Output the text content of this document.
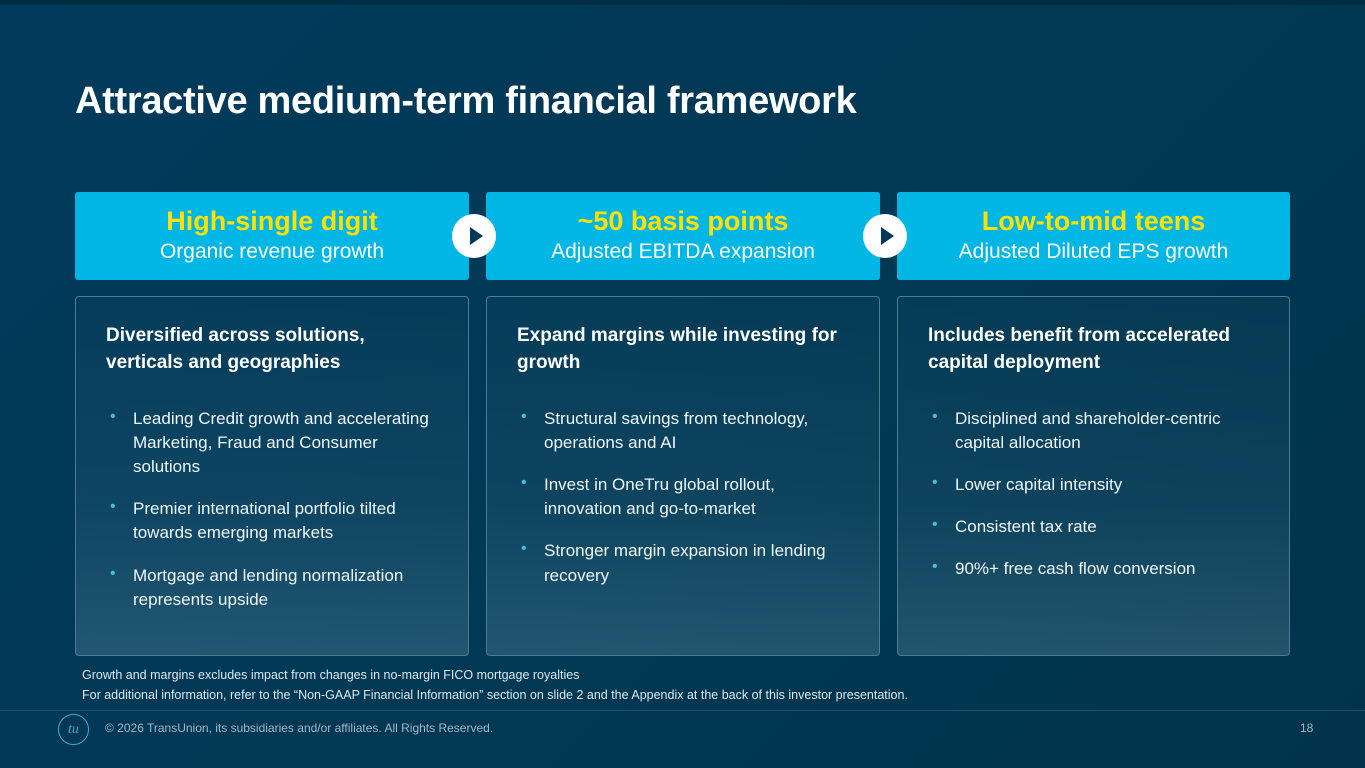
Attractive medium-term financial framework
High-single digit
Organic revenue growth
~50 basis points
Adjusted EBITDA expansion
Low-to-mid teens
Adjusted Diluted EPS growth
Diversified across solutions, verticals and geographies
• Leading Credit growth and accelerating Marketing, Fraud and Consumer solutions
• Premier international portfolio tilted towards emerging markets
• Mortgage and lending normalization represents upside
Expand margins while investing for growth
• Structural savings from technology, operations and AI
• Invest in OneTru global rollout, innovation and go-to-market
• Stronger margin expansion in lending recovery
Includes benefit from accelerated capital deployment
• Disciplined and shareholder-centric capital allocation
• Lower capital intensity
• Consistent tax rate
• 90%+ free cash flow conversion
Growth and margins excludes impact from changes in no-margin FICO mortgage royalties
For additional information, refer to the “Non-GAAP Financial Information” section on slide 2 and the Appendix at the back of this investor presentation.
tu	© 2026 TransUnion, its subsidiaries and/or affiliates. All Rights Reserved.	18
